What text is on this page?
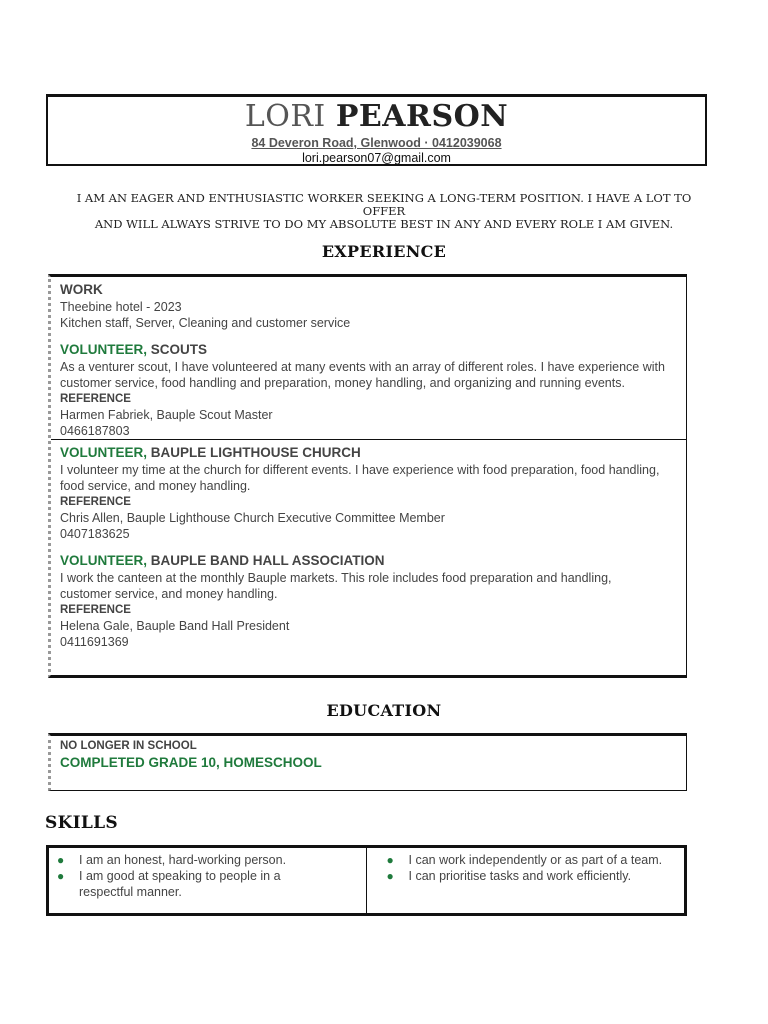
LORI PEARSON
84 Deveron Road, Glenwood · 0412039068
lori.pearson07@gmail.com
I AM AN EAGER AND ENTHUSIASTIC WORKER SEEKING A LONG-TERM POSITION. I HAVE A LOT TO OFFER
AND WILL ALWAYS STRIVE TO DO MY ABSOLUTE BEST IN ANY AND EVERY ROLE I AM GIVEN.
EXPERIENCE
WORK
Theebine hotel - 2023
Kitchen staff, Server, Cleaning and customer service
VOLUNTEER, SCOUTS
As a venturer scout, I have volunteered at many events with an array of different roles. I have experience with
customer service, food handling and preparation, money handling, and organizing and running events.
REFERENCE
Harmen Fabriek, Bauple Scout Master
0466187803
VOLUNTEER, BAUPLE LIGHTHOUSE CHURCH
I volunteer my time at the church for different events. I have experience with food preparation, food handling,
food service, and money handling.
REFERENCE
Chris Allen, Bauple Lighthouse Church Executive Committee Member
0407183625
VOLUNTEER, BAUPLE BAND HALL ASSOCIATION
I work the canteen at the monthly Bauple markets. This role includes food preparation and handling,
customer service, and money handling.
REFERENCE
Helena Gale, Bauple Band Hall President
0411691369
EDUCATION
NO LONGER IN SCHOOL
COMPLETED GRADE 10, HOMESCHOOL
SKILLS
●	I am an honest, hard-working person.
●	I am good at speaking to people in a
respectful manner.
●	I can work independently or as part of a team.
●	I can prioritise tasks and work efficiently.
